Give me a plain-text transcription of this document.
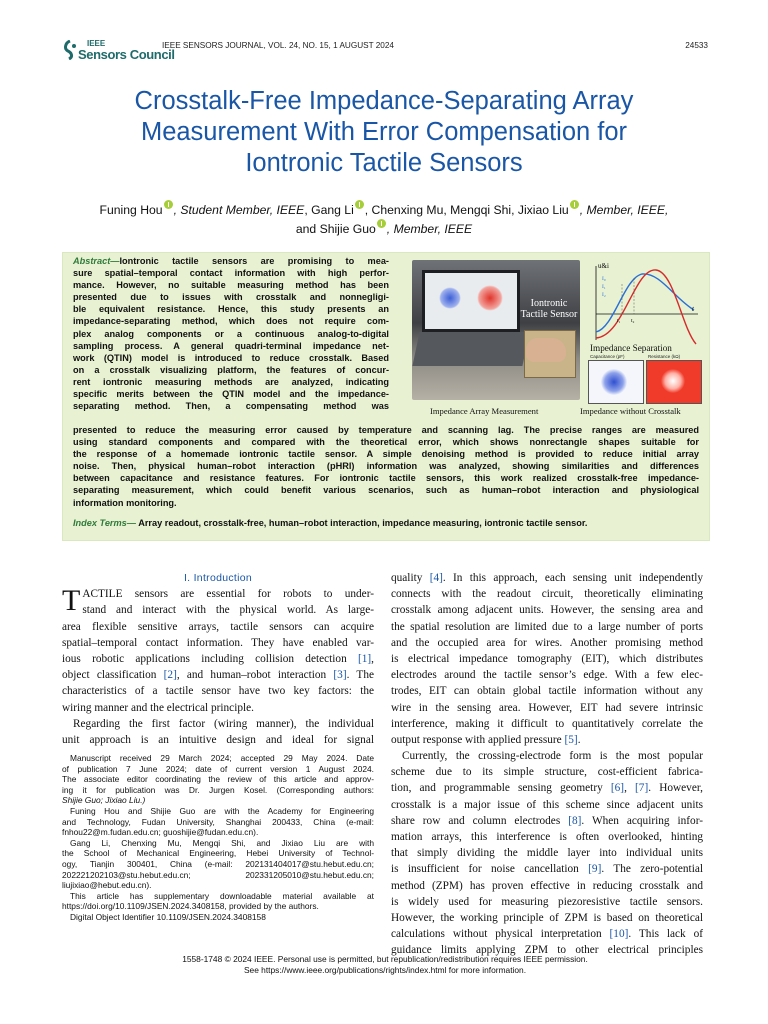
IEEE
Sensors Council
IEEE SENSORS JOURNAL, VOL. 24, NO. 15, 1 AUGUST 2024	24533
Crosstalk-Free Impedance-Separating Array
Measurement With Error Compensation for
Iontronic Tactile Sensors
Funing Hou , Student Member, IEEE, Gang Li , Chenxing Mu, Mengqi Shi, Jixiao Liu , Member, IEEE,
and Shijie Guo , Member, IEEE
Abstract—Iontronic tactile sensors are promising to mea-
sure spatial–temporal contact information with high perfor-
mance. However, no suitable measuring method has been
presented due to issues with crosstalk and nonnegligi-
ble equivalent resistance. Hence, this study presents an
impedance-separating method, which does not require com-
plex analog components or a continuous analog-to-digital
sampling process. A general quadri-terminal impedance net-
work (QTIN) model is introduced to reduce crosstalk. Based
on a crosstalk visualizing platform, the features of concur-
rent iontronic measuring methods are analyzed, indicating
specific merits between the QTIN model and the impedance-
separating method. Then, a compensating method was
presented to reduce the measuring error caused by temperature and scanning lag. The precise ranges are measured
using standard components and compared with the theoretical error, which shows nonrectangle shapes suitable for
the response of a homemade iontronic tactile sensor. A simple denoising method is provided to reduce initial array
noise. Then, physical human–robot interaction (pHRI) information was analyzed, showing similarities and differences
between capacitance and resistance features. For iontronic tactile sensors, this work realized crosstalk-free impedance-
separating measurement, which could benefit various scenarios, such as human–robot interaction and physiological
information monitoring.
Index Terms— Array readout, crosstalk-free, human–robot interaction, impedance measuring, iontronic tactile sensor.
Iontronic
Tactile Sensor
u&i
t
I₀
I₁
I₂
t₁ t₂
Impedance Separation
Capacitance (pF)	Resistance (kΩ)
Impedance Array Measurement	Impedance without Crosstalk
I. Introduction
T ACTILE sensors are essential for robots to under-
stand and interact with the physical world. As large-
area flexible sensitive arrays, tactile sensors can acquire
spatial–temporal contact information. They have enabled var-
ious robotic applications including collision detection [1],
object classification [2], and human–robot interaction [3]. The
characteristics of a tactile sensor have two key factors: the
wiring manner and the electrical principle.
Regarding the first factor (wiring manner), the individual
unit approach is an intuitive design and ideal for signal
Manuscript received 29 March 2024; accepted 29 May 2024. Date
of publication 7 June 2024; date of current version 1 August 2024.
The associate editor coordinating the review of this article and approv-
ing it for publication was Dr. Jurgen Kosel. (Corresponding authors:
Shijie Guo; Jixiao Liu.)
Funing Hou and Shijie Guo are with the Academy for Engineering
and Technology, Fudan University, Shanghai 200433, China (e-mail:
fnhou22@m.fudan.edu.cn; guoshijie@fudan.edu.cn).
Gang Li, Chenxing Mu, Mengqi Shi, and Jixiao Liu are with
the School of Mechanical Engineering, Hebei University of Technol-
ogy, Tianjin 300401, China (e-mail: 202131404017@stu.hebut.edu.cn;
202221202103@stu.hebut.edu.cn; 202331205010@stu.hebut.edu.cn;
liujixiao@hebut.edu.cn).
This article has supplementary downloadable material available at
https://doi.org/10.1109/JSEN.2024.3408158, provided by the authors.
Digital Object Identifier 10.1109/JSEN.2024.3408158
quality [4]. In this approach, each sensing unit independently
connects with the readout circuit, theoretically eliminating
crosstalk among adjacent units. However, the sensing area and
the spatial resolution are limited due to a large number of ports
and the occupied area for wires. Another promising method
is electrical impedance tomography (EIT), which distributes
electrodes around the tactile sensor’s edge. With a few elec-
trodes, EIT can obtain global tactile information without any
wire in the sensing area. However, EIT had severe intrinsic
interference, making it difficult to quantitatively correlate the
output response with applied pressure [5].
Currently, the crossing-electrode form is the most popular
scheme due to its simple structure, cost-efficient fabrica-
tion, and programmable sensing geometry [6], [7]. However,
crosstalk is a major issue of this scheme since adjacent units
share row and column electrodes [8]. When acquiring infor-
mation arrays, this interference is often overlooked, hinting
that simply dividing the middle layer into individual units
is insufficient for noise cancellation [9]. The zero-potential
method (ZPM) has proven effective in reducing crosstalk and
is widely used for measuring piezoresistive tactile sensors.
However, the working principle of ZPM is based on theoretical
calculations without physical interpretation [10]. This lack of
guidance limits applying ZPM to other electrical principles
1558-1748 © 2024 IEEE. Personal use is permitted, but republication/redistribution requires IEEE permission.
See https://www.ieee.org/publications/rights/index.html for more information.
